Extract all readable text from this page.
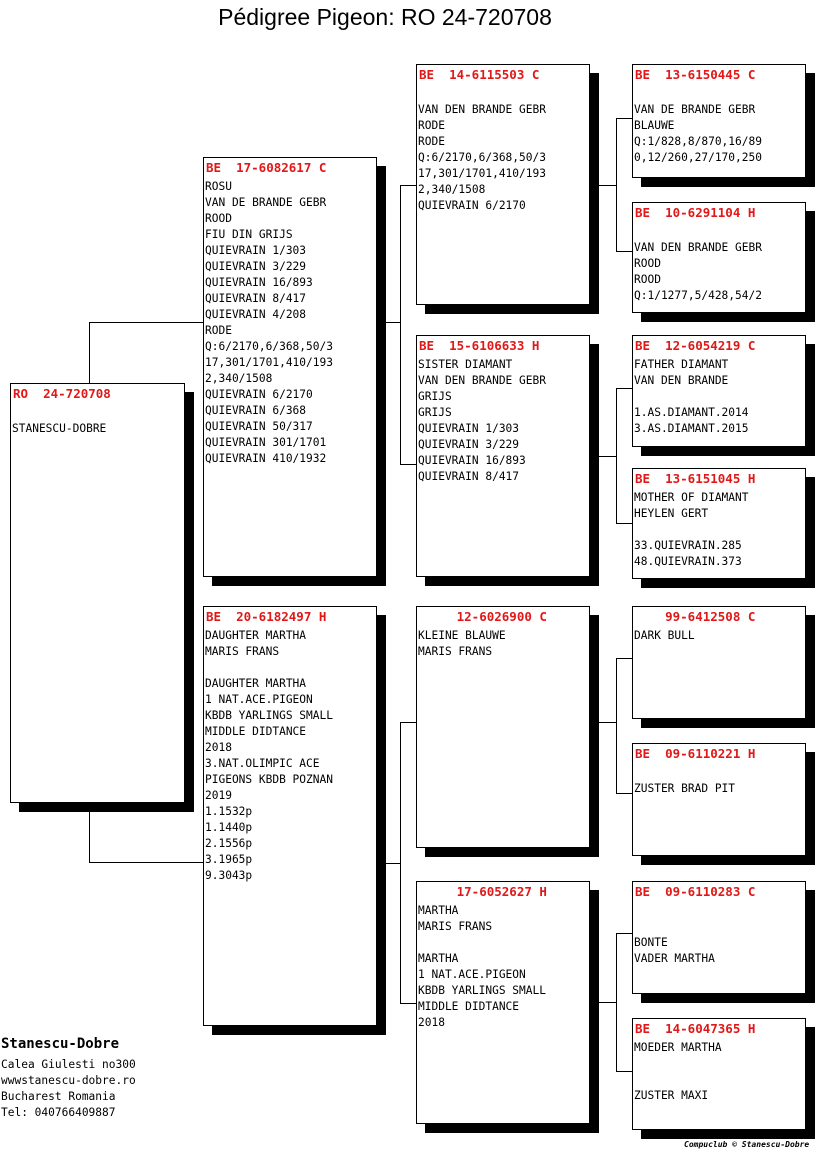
Pédigree Pigeon: RO 24-720708
RO  24-720708
STANESCU-DOBRE
BE  17-6082617 C
ROSU
VAN DE BRANDE GEBR
ROOD
FIU DIN GRIJS
QUIEVRAIN 1/303
QUIEVRAIN 3/229
QUIEVRAIN 16/893
QUIEVRAIN 8/417
QUIEVRAIN 4/208
RODE
Q:6/2170,6/368,50/3
17,301/1701,410/193
2,340/1508
QUIEVRAIN 6/2170
QUIEVRAIN 6/368
QUIEVRAIN 50/317
QUIEVRAIN 301/1701
QUIEVRAIN 410/1932
BE  20-6182497 H
DAUGHTER MARTHA
MARIS FRANS
DAUGHTER MARTHA
1 NAT.ACE.PIGEON
KBDB YARLINGS SMALL
MIDDLE DIDTANCE
2018
3.NAT.OLIMPIC ACE
PIGEONS KBDB POZNAN
2019
1.1532p
1.1440p
2.1556p
3.1965p
9.3043p
BE  14-6115503 C
VAN DEN BRANDE GEBR
RODE
RODE
Q:6/2170,6/368,50/3
17,301/1701,410/193
2,340/1508
QUIEVRAIN 6/2170
BE  15-6106633 H
SISTER DIAMANT
VAN DEN BRANDE GEBR
GRIJS
GRIJS
QUIEVRAIN 1/303
QUIEVRAIN 3/229
QUIEVRAIN 16/893
QUIEVRAIN 8/417
12-6026900 C
KLEINE BLAUWE
MARIS FRANS
17-6052627 H
MARTHA
MARIS FRANS
MARTHA
1 NAT.ACE.PIGEON
KBDB YARLINGS SMALL
MIDDLE DIDTANCE
2018
BE  13-6150445 C
VAN DE BRANDE GEBR
BLAUWE
Q:1/828,8/870,16/89
0,12/260,27/170,250
BE  10-6291104 H
VAN DEN BRANDE GEBR
ROOD
ROOD
Q:1/1277,5/428,54/2
BE  12-6054219 C
FATHER DIAMANT
VAN DEN BRANDE
1.AS.DIAMANT.2014
3.AS.DIAMANT.2015
BE  13-6151045 H
MOTHER OF DIAMANT
HEYLEN GERT
33.QUIEVRAIN.285
48.QUIEVRAIN.373
99-6412508 C
DARK BULL
BE  09-6110221 H
ZUSTER BRAD PIT
BE  09-6110283 C
BONTE
VADER MARTHA
BE  14-6047365 H
MOEDER MARTHA
ZUSTER MAXI
Stanescu-Dobre
Calea Giulesti no300
wwwstanescu-dobre.ro
Bucharest Romania
Tel: 040766409887
Compuclub © Stanescu-Dobre
